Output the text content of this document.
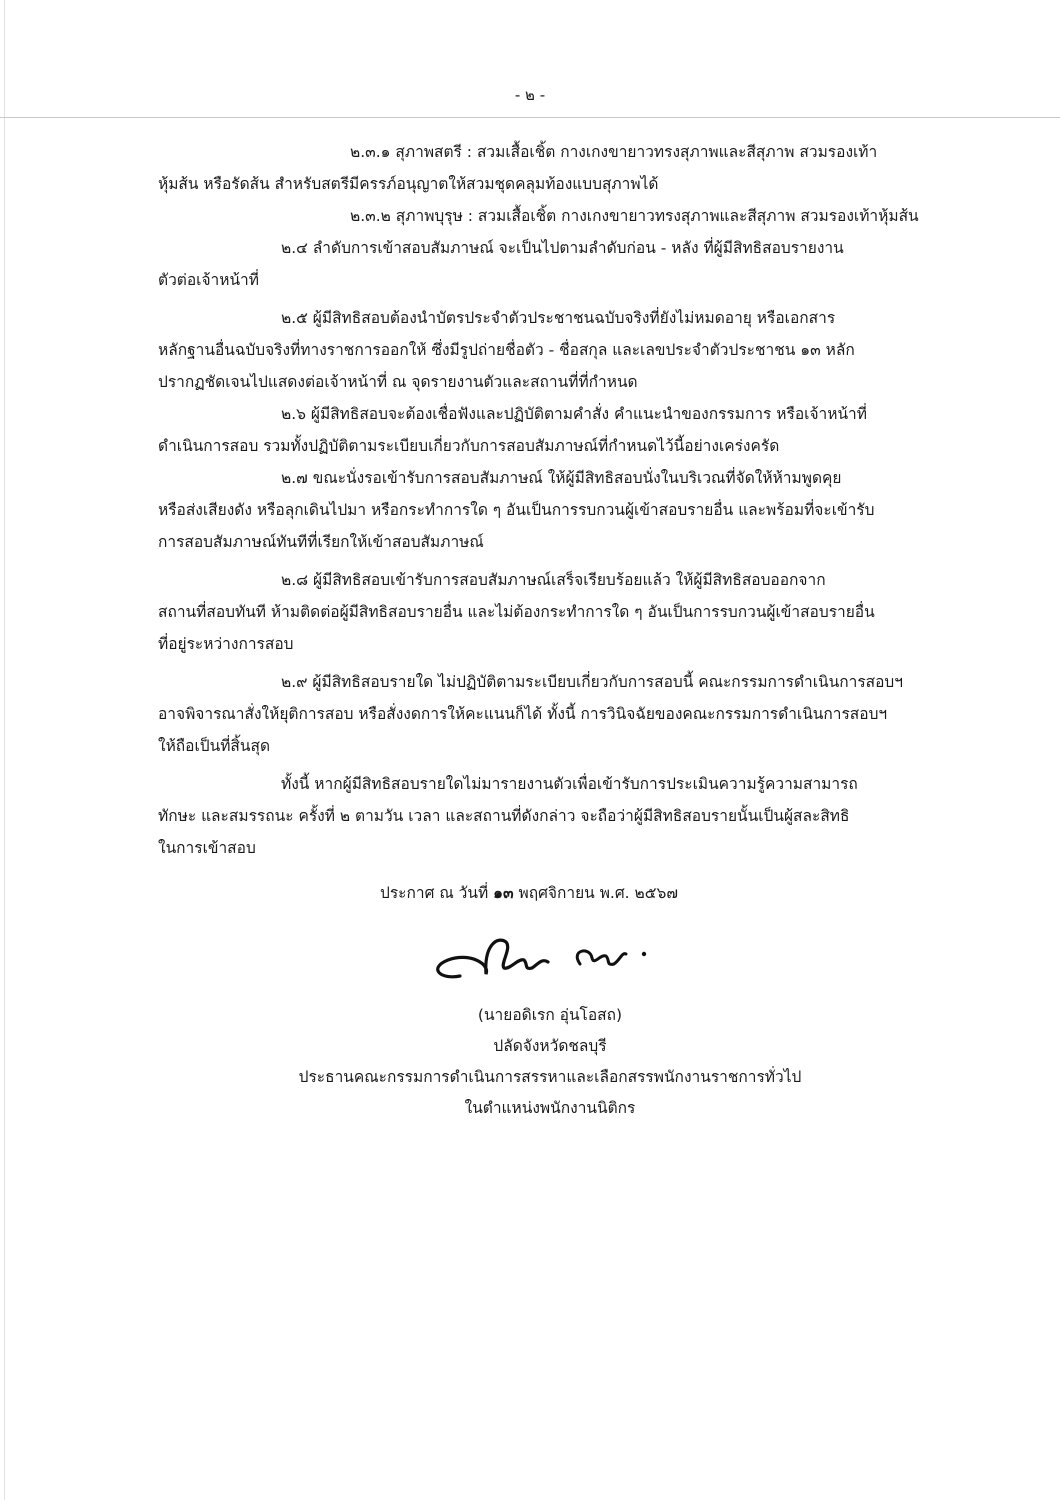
- ๒ -

๒.๓.๑ สุภาพสตรี : สวมเสื้อเชิ้ต กางเกงขายาวทรงสุภาพและสีสุภาพ สวมรองเท้า

หุ้มส้น หรือรัดส้น สำหรับสตรีมีครรภ์อนุญาตให้สวมชุดคลุมท้องแบบสุภาพได้

๒.๓.๒ สุภาพบุรุษ : สวมเสื้อเชิ้ต กางเกงขายาวทรงสุภาพและสีสุภาพ สวมรองเท้าหุ้มส้น

๒.๔ ลำดับการเข้าสอบสัมภาษณ์ จะเป็นไปตามลำดับก่อน - หลัง ที่ผู้มีสิทธิสอบรายงาน

ตัวต่อเจ้าหน้าที่

๒.๕ ผู้มีสิทธิสอบต้องนำบัตรประจำตัวประชาชนฉบับจริงที่ยังไม่หมดอายุ หรือเอกสาร

หลักฐานอื่นฉบับจริงที่ทางราชการออกให้ ซึ่งมีรูปถ่ายชื่อตัว - ชื่อสกุล และเลขประจำตัวประชาชน ๑๓ หลัก

ปรากฏชัดเจนไปแสดงต่อเจ้าหน้าที่ ณ จุดรายงานตัวและสถานที่ที่กำหนด

๒.๖ ผู้มีสิทธิสอบจะต้องเชื่อฟังและปฏิบัติตามคำสั่ง คำแนะนำของกรรมการ หรือเจ้าหน้าที่

ดำเนินการสอบ รวมทั้งปฏิบัติตามระเบียบเกี่ยวกับการสอบสัมภาษณ์ที่กำหนดไว้นี้อย่างเคร่งครัด

๒.๗ ขณะนั่งรอเข้ารับการสอบสัมภาษณ์ ให้ผู้มีสิทธิสอบนั่งในบริเวณที่จัดให้ห้ามพูดคุย

หรือส่งเสียงดัง หรือลุกเดินไปมา หรือกระทำการใด ๆ อันเป็นการรบกวนผู้เข้าสอบรายอื่น และพร้อมที่จะเข้ารับ

การสอบสัมภาษณ์ทันทีที่เรียกให้เข้าสอบสัมภาษณ์

๒.๘ ผู้มีสิทธิสอบเข้ารับการสอบสัมภาษณ์เสร็จเรียบร้อยแล้ว ให้ผู้มีสิทธิสอบออกจาก

สถานที่สอบทันที ห้ามติดต่อผู้มีสิทธิสอบรายอื่น และไม่ต้องกระทำการใด ๆ อันเป็นการรบกวนผู้เข้าสอบรายอื่น

ที่อยู่ระหว่างการสอบ

๒.๙ ผู้มีสิทธิสอบรายใด ไม่ปฏิบัติตามระเบียบเกี่ยวกับการสอบนี้ คณะกรรมการดำเนินการสอบฯ

อาจพิจารณาสั่งให้ยุติการสอบ หรือสั่งงดการให้คะแนนก็ได้ ทั้งนี้ การวินิจฉัยของคณะกรรมการดำเนินการสอบฯ

ให้ถือเป็นที่สิ้นสุด

ทั้งนี้ หากผู้มีสิทธิสอบรายใดไม่มารายงานตัวเพื่อเข้ารับการประเมินความรู้ความสามารถ

ทักษะ และสมรรถนะ ครั้งที่ ๒ ตามวัน เวลา และสถานที่ดังกล่าว จะถือว่าผู้มีสิทธิสอบรายนั้นเป็นผู้สละสิทธิ

ในการเข้าสอบ

ประกาศ ณ วันที่ ๑๓ พฤศจิกายน พ.ศ. ๒๕๖๗
(นายอดิเรก อุ่นโอสถ)
ปลัดจังหวัดชลบุรี
ประธานคณะกรรมการดำเนินการสรรหาและเลือกสรรพนักงานราชการทั่วไป
ในตำแหน่งพนักงานนิติกร
